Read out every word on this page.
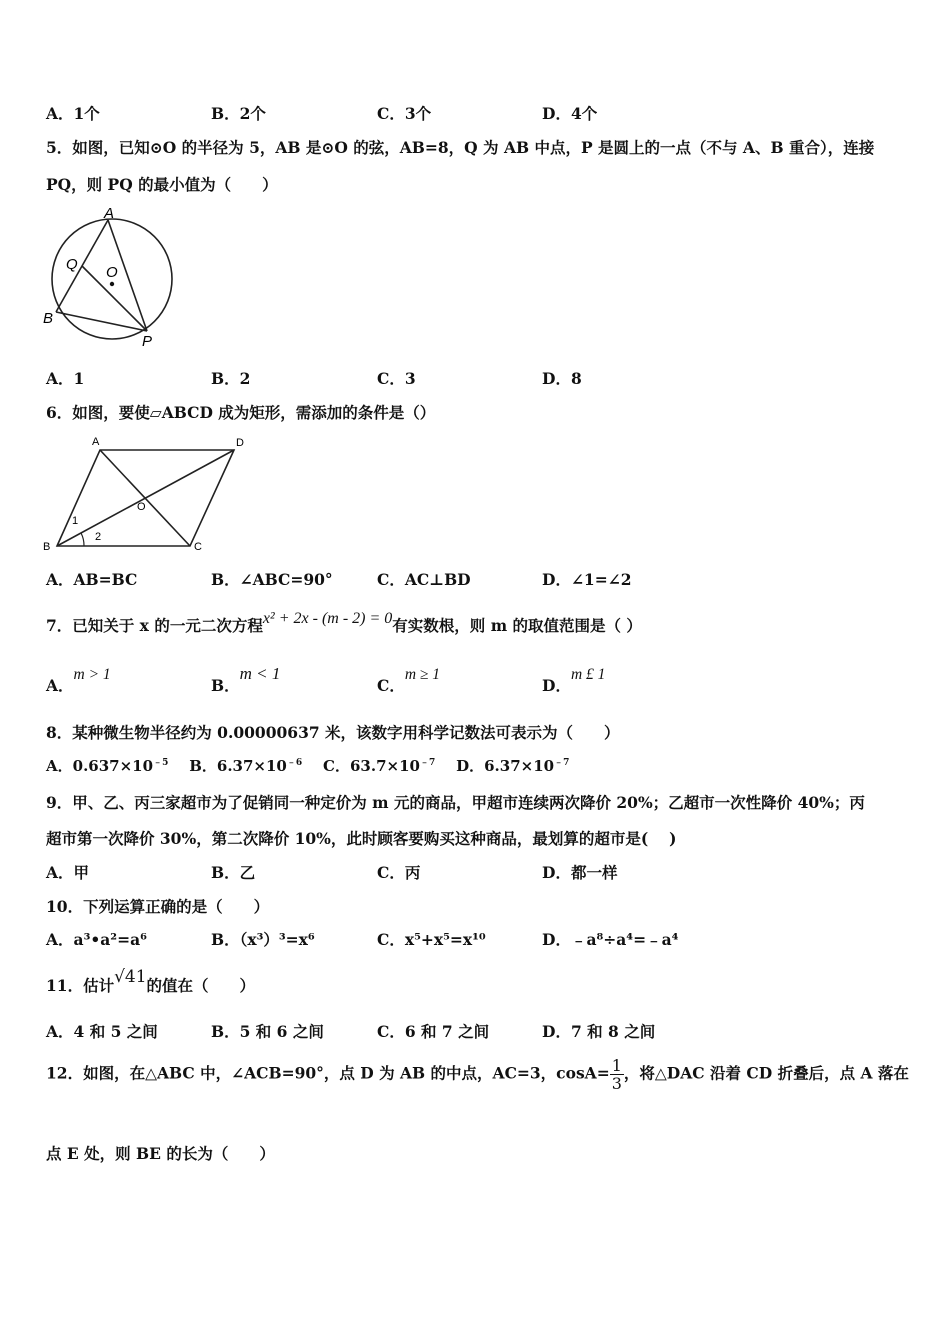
A．1个	B．2个	C．3个	D．4个
5．如图，已知⊙O 的半径为 5，AB 是⊙O 的弦，AB=8，Q 为 AB 中点，P 是圆上的一点（不与 A、B 重合），连接
PQ，则 PQ 的最小值为（　　）
A
Q O
B
P
A．1	B．2	C．3	D．8
6．如图，要使▱ABCD 成为矩形，需添加的条件是（）
A	D
O
B	C
1
2
A．AB=BC	B．∠ABC=90°	C．AC⊥BD	D．∠1=∠2
7．已知关于 x 的一元二次方程x² + 2x - (m - 2) = 0有实数根，则 m 的取值范围是（ ）
A．m > 1
B．m < 1
C．m ≥ 1
D．m £ 1
8．某种微生物半径约为 0.00000637 米，该数字用科学记数法可表示为（　　）
A．$0.637\times 10^{﹣5}$ B．$6.37\times 10^{﹣6}$ C．$63.7\times 10^{﹣7}$ D．$6.37\times 10^{﹣7}$
9．甲、乙、丙三家超市为了促销同一种定价为 m 元的商品，甲超市连续两次降价 20%；乙超市一次性降价 40%；丙
超市第一次降价 30%，第二次降价 10%，此时顾客要购买这种商品，最划算的超市是(　 )
A．甲	B．乙	C．丙	D．都一样
10．下列运算正确的是（　　）
A．a³•a²=a⁶	B．（x³）³=x⁶	C．x⁵+x⁵=x¹⁰	D．﹣a⁸÷a⁴=﹣a⁴
11．估计√41的值在（　　）
A．4 和 5 之间	B．5 和 6 之间	C．6 和 7 之间	D．7 和 8 之间
12．如图，在△ABC 中，∠ACB=90°，点 D 为 AB 的中点，AC=3，$\cos A= \frac{1}{3}$ ，将△DAC 沿着 CD 折叠后，点 A 落在
点 E 处，则 BE 的长为（　　）
